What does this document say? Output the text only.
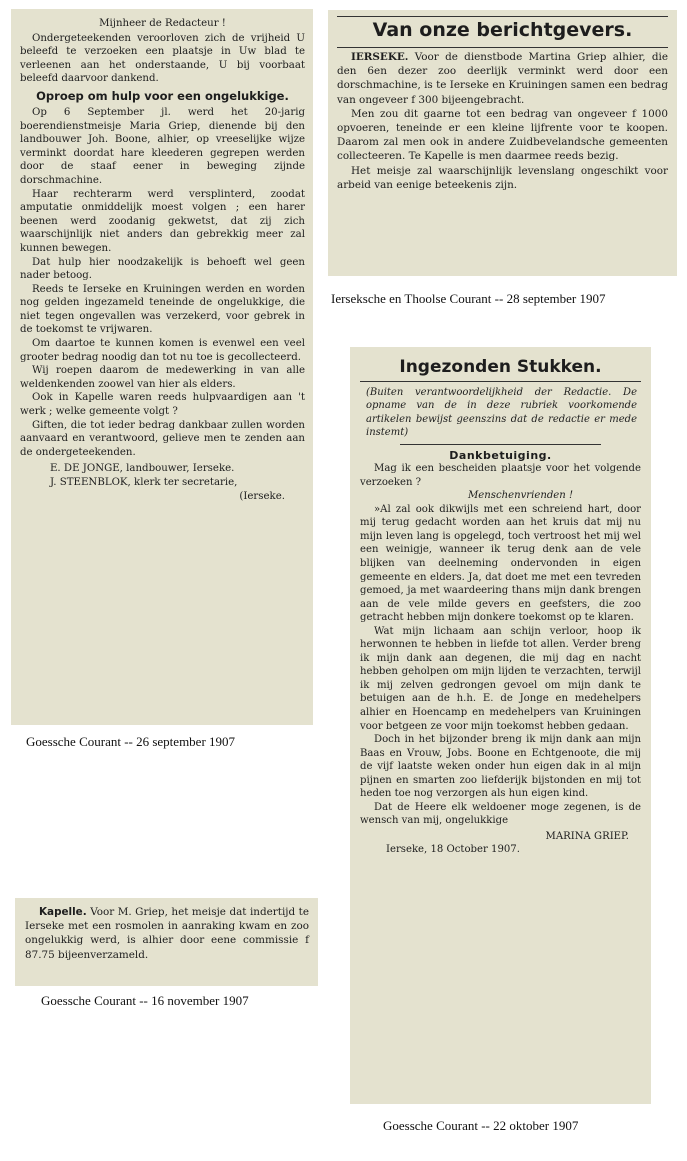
Mijnheer de Redacteur !

Ondergeteekenden veroorloven zich de vrijheid U beleefd te verzoeken een plaatsje in Uw blad te verleenen aan het onderstaande, U bij voorbaat beleefd daarvoor dankend.

Oproep om hulp voor een ongelukkige.

Op 6 September jl. werd het 20-jarig boerendienstmeisje Maria Griep, dienende bij den landbouwer Joh. Boone, alhier, op vreeselijke wijze verminkt doordat hare kleederen gegrepen werden door de staaf eener in beweging zijnde dorschmachine.

Haar rechterarm werd versplinterd, zoodat amputatie onmiddelijk moest volgen ; een harer beenen werd zoodanig gekwetst, dat zij zich waarschijnlijk niet anders dan gebrekkig meer zal kunnen bewegen.

Dat hulp hier noodzakelijk is behoeft wel geen nader betoog.

Reeds te Ierseke en Kruiningen werden en worden nog gelden ingezameld teneinde de ongelukkige, die niet tegen ongevallen was verzekerd, voor gebrek in de toekomst te vrijwaren.

Om daartoe te kunnen komen is evenwel een veel grooter bedrag noodig dan tot nu toe is gecollecteerd.

Wij roepen daarom de medewerking in van alle weldenkenden zoowel van hier als elders.

Ook in Kapelle waren reeds hulpvaardigen aan 't werk ; welke gemeente volgt ?

Giften, die tot ieder bedrag dankbaar zullen worden aanvaard en verantwoord, gelieve men te zenden aan de ondergeteekenden.

E. DE JONGE, landbouwer, Ierseke.

J. STEENBLOK, klerk ter secretarie,

(Ierseke.

Goessche Courant -- 26 september 1907

Van onze berichtgevers.

IERSEKE. Voor de dienstbode Martina Griep alhier, die den 6en dezer zoo deerlijk verminkt werd door een dorschmachine, is te Ierseke en Kruiningen samen een bedrag van ongeveer f 300 bijeengebracht.

Men zou dit gaarne tot een bedrag van ongeveer f 1000 opvoeren, teneinde er een kleine lijfrente voor te koopen. Daarom zal men ook in andere Zuidbevelandsche gemeenten collecteeren. Te Kapelle is men daarmee reeds bezig.

Het meisje zal waarschijnlijk levenslang ongeschikt voor arbeid van eenige beteekenis zijn.

Ierseksche en Thoolse Courant -- 28 september 1907

Kapelle. Voor M. Griep, het meisje dat indertijd te Ierseke met een rosmolen in aanraking kwam en zoo ongelukkig werd, is alhier door eene commissie f 87.75 bijeenverzameld.

Goessche Courant -- 16 november 1907

Ingezonden Stukken.

(Buiten verantwoordelijkheid der Redactie. De opname van de in deze rubriek voorkomende artikelen bewijst geenszins dat de redactie er mede instemt)

Dankbetuiging.

Mag ik een bescheiden plaatsje voor het volgende verzoeken ?

Menschenvrienden !

»Al zal ook dikwijls met een schreiend hart, door mij terug gedacht worden aan het kruis dat mij nu mijn leven lang is opgelegd, toch vertroost het mij wel een weinigje, wanneer ik terug denk aan de vele blijken van deelneming ondervonden in eigen gemeente en elders. Ja, dat doet me met een tevreden gemoed, ja met waardeering thans mijn dank brengen aan de vele milde gevers en geefsters, die zoo getracht hebben mijn donkere toekomst op te klaren.

Wat mijn lichaam aan schijn verloor, hoop ik herwonnen te hebben in liefde tot allen. Verder breng ik mijn dank aan degenen, die mij dag en nacht hebben geholpen om mijn lijden te verzachten, terwijl ik mij zelven gedrongen gevoel om mijn dank te betuigen aan de h.h. E. de Jonge en medehelpers alhier en Hoencamp en medehelpers van Kruiningen voor betgeen ze voor mijn toekomst hebben gedaan.

Doch in het bijzonder breng ik mijn dank aan mijn Baas en Vrouw, Jobs. Boone en Echtgenoote, die mij de vijf laatste weken onder hun eigen dak in al mijn pijnen en smarten zoo liefderijk bijstonden en mij tot heden toe nog verzorgen als hun eigen kind.

Dat de Heere elk weldoener moge zegenen, is de wensch van mij, ongelukkige

MARINA GRIEP.

Ierseke, 18 October 1907.

Goessche Courant -- 22 oktober 1907
